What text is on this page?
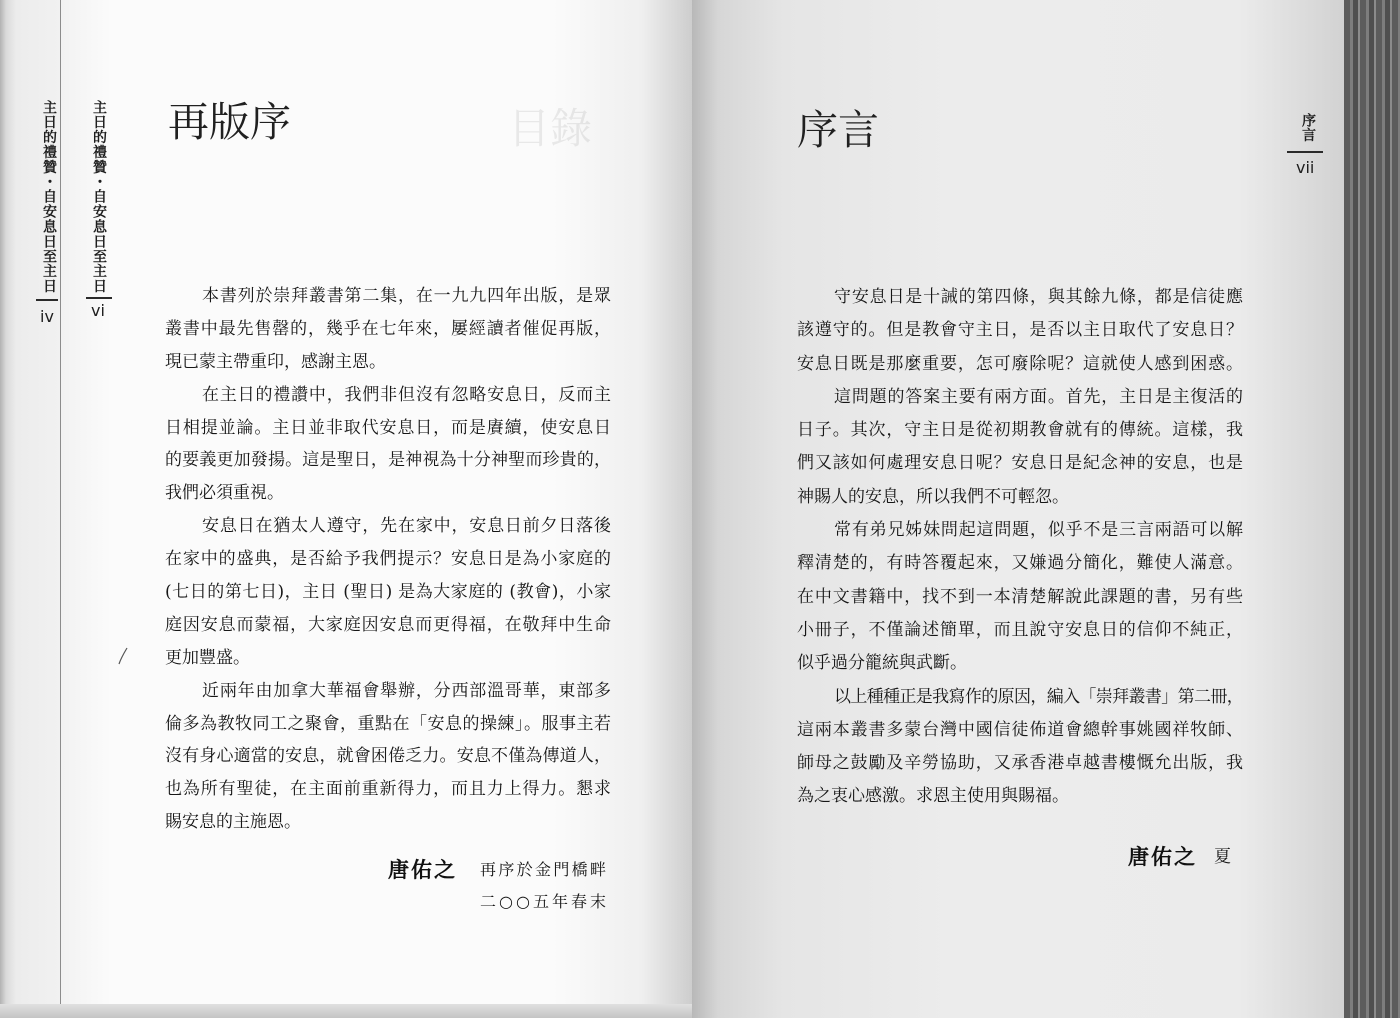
主日的禮贊・自安息日至主日
iv
主日的禮贊・自安息日至主日
vi
再版序	目錄
本書列於崇拜叢書第二集，在一九九四年出版，是眾
叢書中最先售罄的，幾乎在七年來，屢經讀者催促再版，
現已蒙主帶重印，感謝主恩。
在主日的禮讚中，我們非但沒有忽略安息日，反而主
日相提並論。主日並非取代安息日，而是賡續，使安息日
的要義更加發揚。這是聖日，是神視為十分神聖而珍貴的，
我們必須重視。
安息日在猶太人遵守，先在家中，安息日前夕日落後
在家中的盛典，是否給予我們提示？安息日是為小家庭的
(七日的第七日)，主日 (聖日) 是為大家庭的 (教會)，小家
庭因安息而蒙福，大家庭因安息而更得福，在敬拜中生命
更加豐盛。
近兩年由加拿大華福會舉辦，分西部溫哥華，東部多
倫多為教牧同工之聚會，重點在「安息的操練」。服事主若
沒有身心適當的安息，就會困倦乏力。安息不僅為傳道人，
也為所有聖徒，在主面前重新得力，而且力上得力。懇求
賜安息的主施恩。
唐佑之 再序於金門橋畔
二○○五年春末
序言
vii
序言
守安息日是十誡的第四條，與其餘九條，都是信徒應
該遵守的。但是教會守主日，是否以主日取代了安息日？
安息日既是那麼重要，怎可廢除呢？這就使人感到困惑。
這問題的答案主要有兩方面。首先，主日是主復活的
日子。其次，守主日是從初期教會就有的傳統。這樣，我
們又該如何處理安息日呢？安息日是紀念神的安息，也是
神賜人的安息，所以我們不可輕忽。
常有弟兄姊妹問起這問題，似乎不是三言兩語可以解
釋清楚的，有時答覆起來，又嫌過分簡化，難使人滿意。
在中文書籍中，找不到一本清楚解說此課題的書，另有些
小冊子，不僅論述簡單，而且說守安息日的信仰不純正，
似乎過分籠統與武斷。
以上種種正是我寫作的原因，編入「崇拜叢書」第二冊，
這兩本叢書多蒙台灣中國信徒佈道會總幹事姚國祥牧師、
師母之鼓勵及辛勞協助，又承香港卓越書樓慨允出版，我
為之衷心感激。求恩主使用與賜福。
唐佑之 夏
